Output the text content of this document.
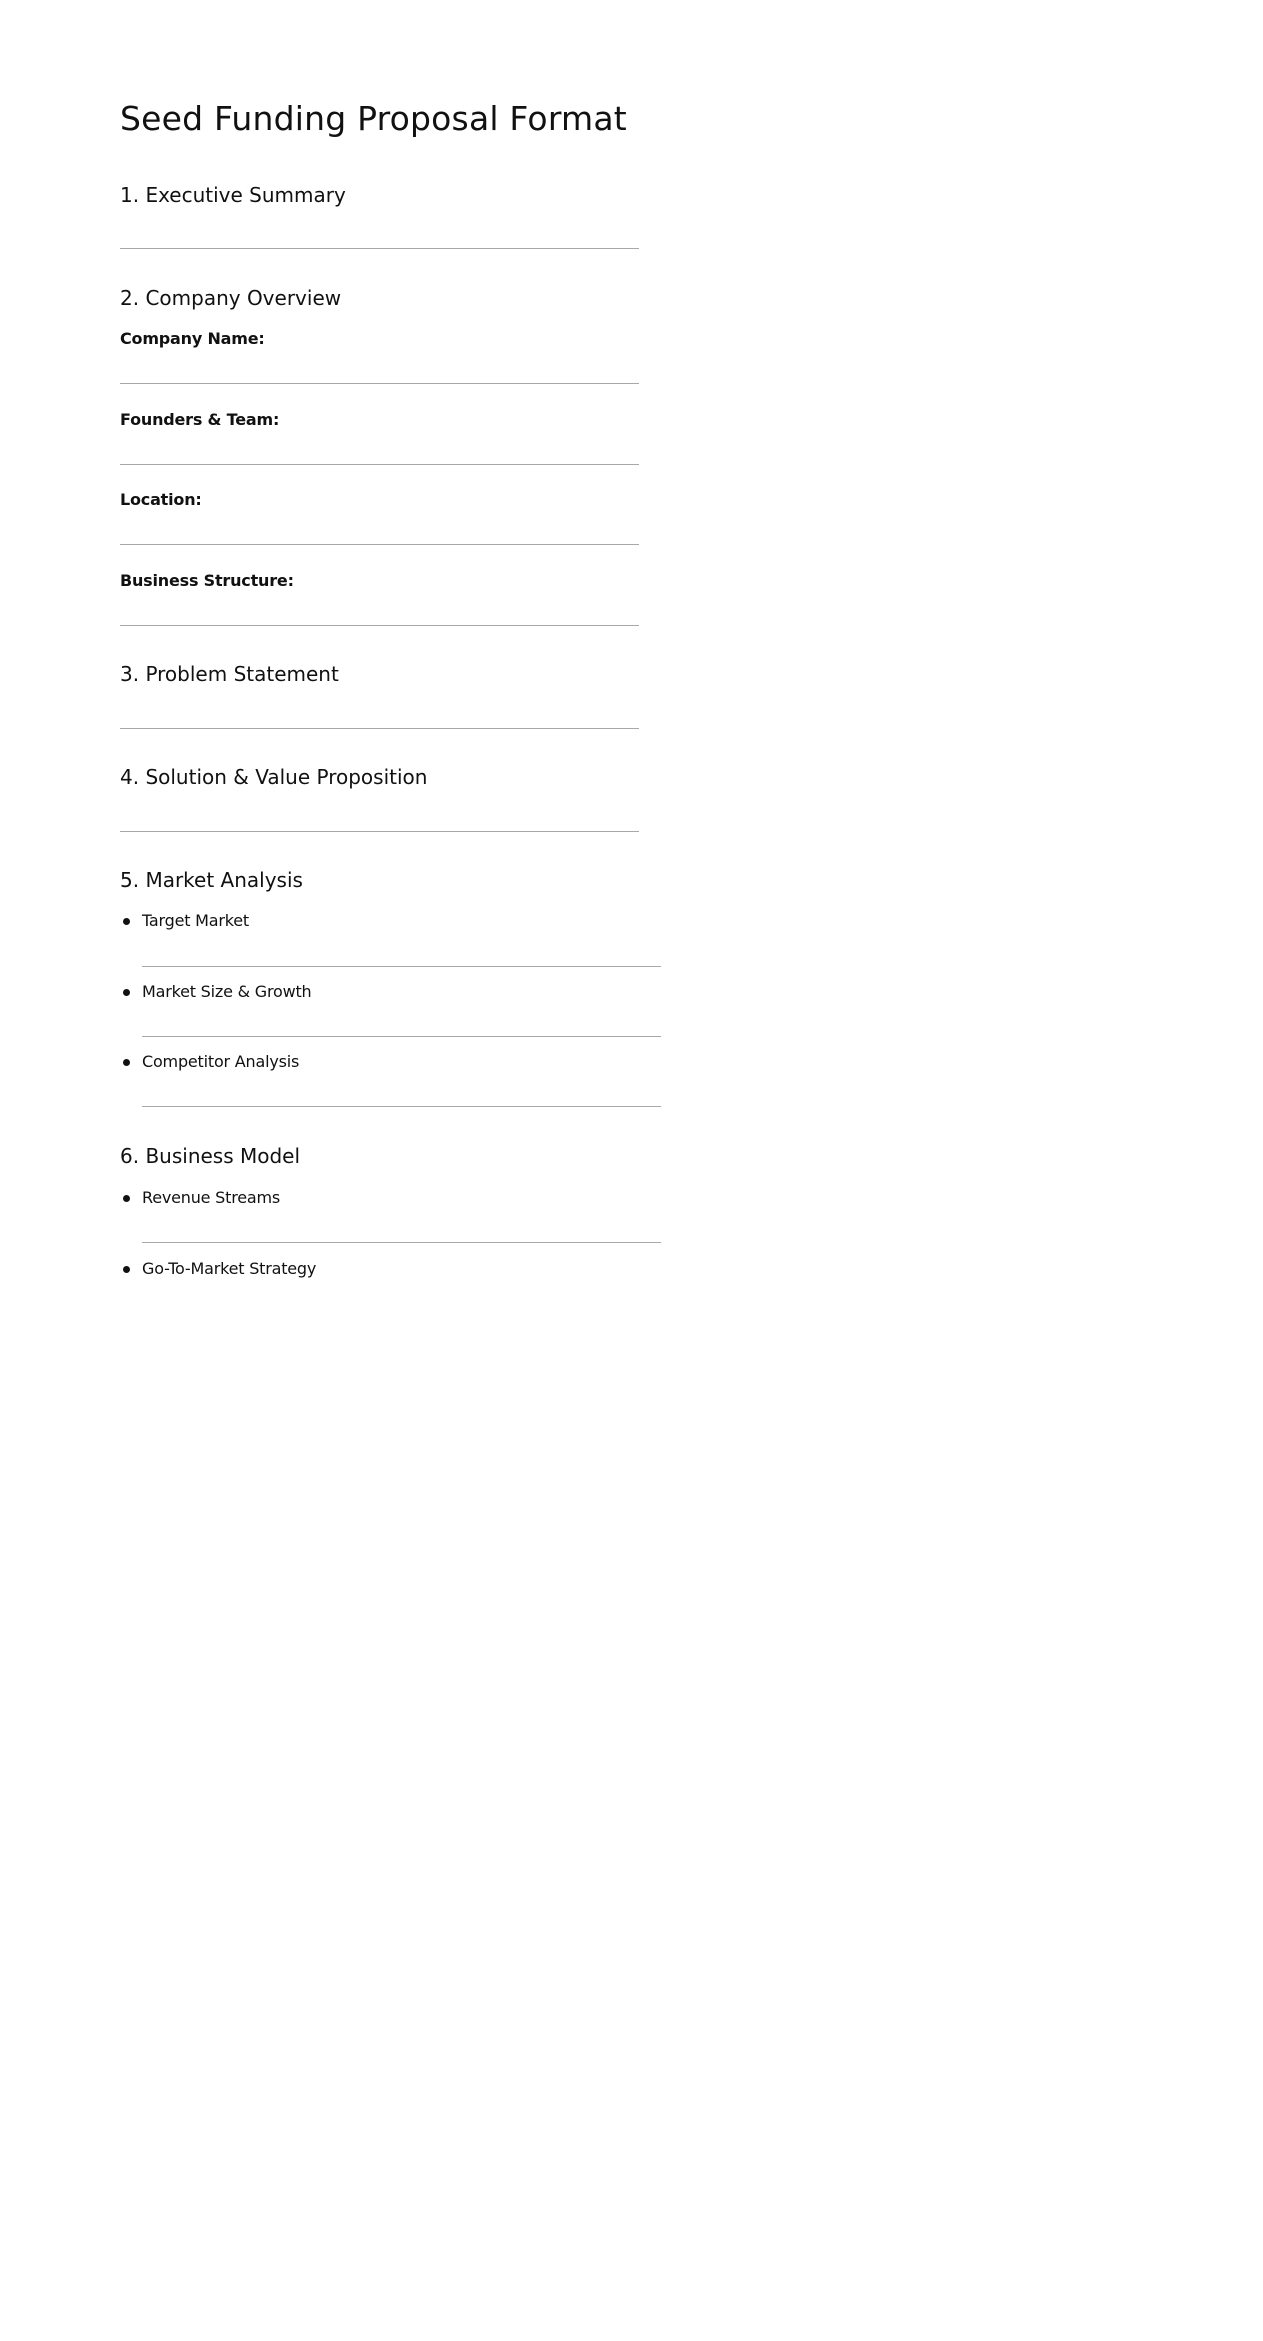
Seed Funding Proposal Format
1. Executive Summary
2. Company Overview
Company Name:
Founders & Team:
Location:
Business Structure:
3. Problem Statement
4. Solution & Value Proposition
5. Market Analysis
Target Market
Market Size & Growth
Competitor Analysis
6. Business Model
Revenue Streams
Go-To-Market Strategy
